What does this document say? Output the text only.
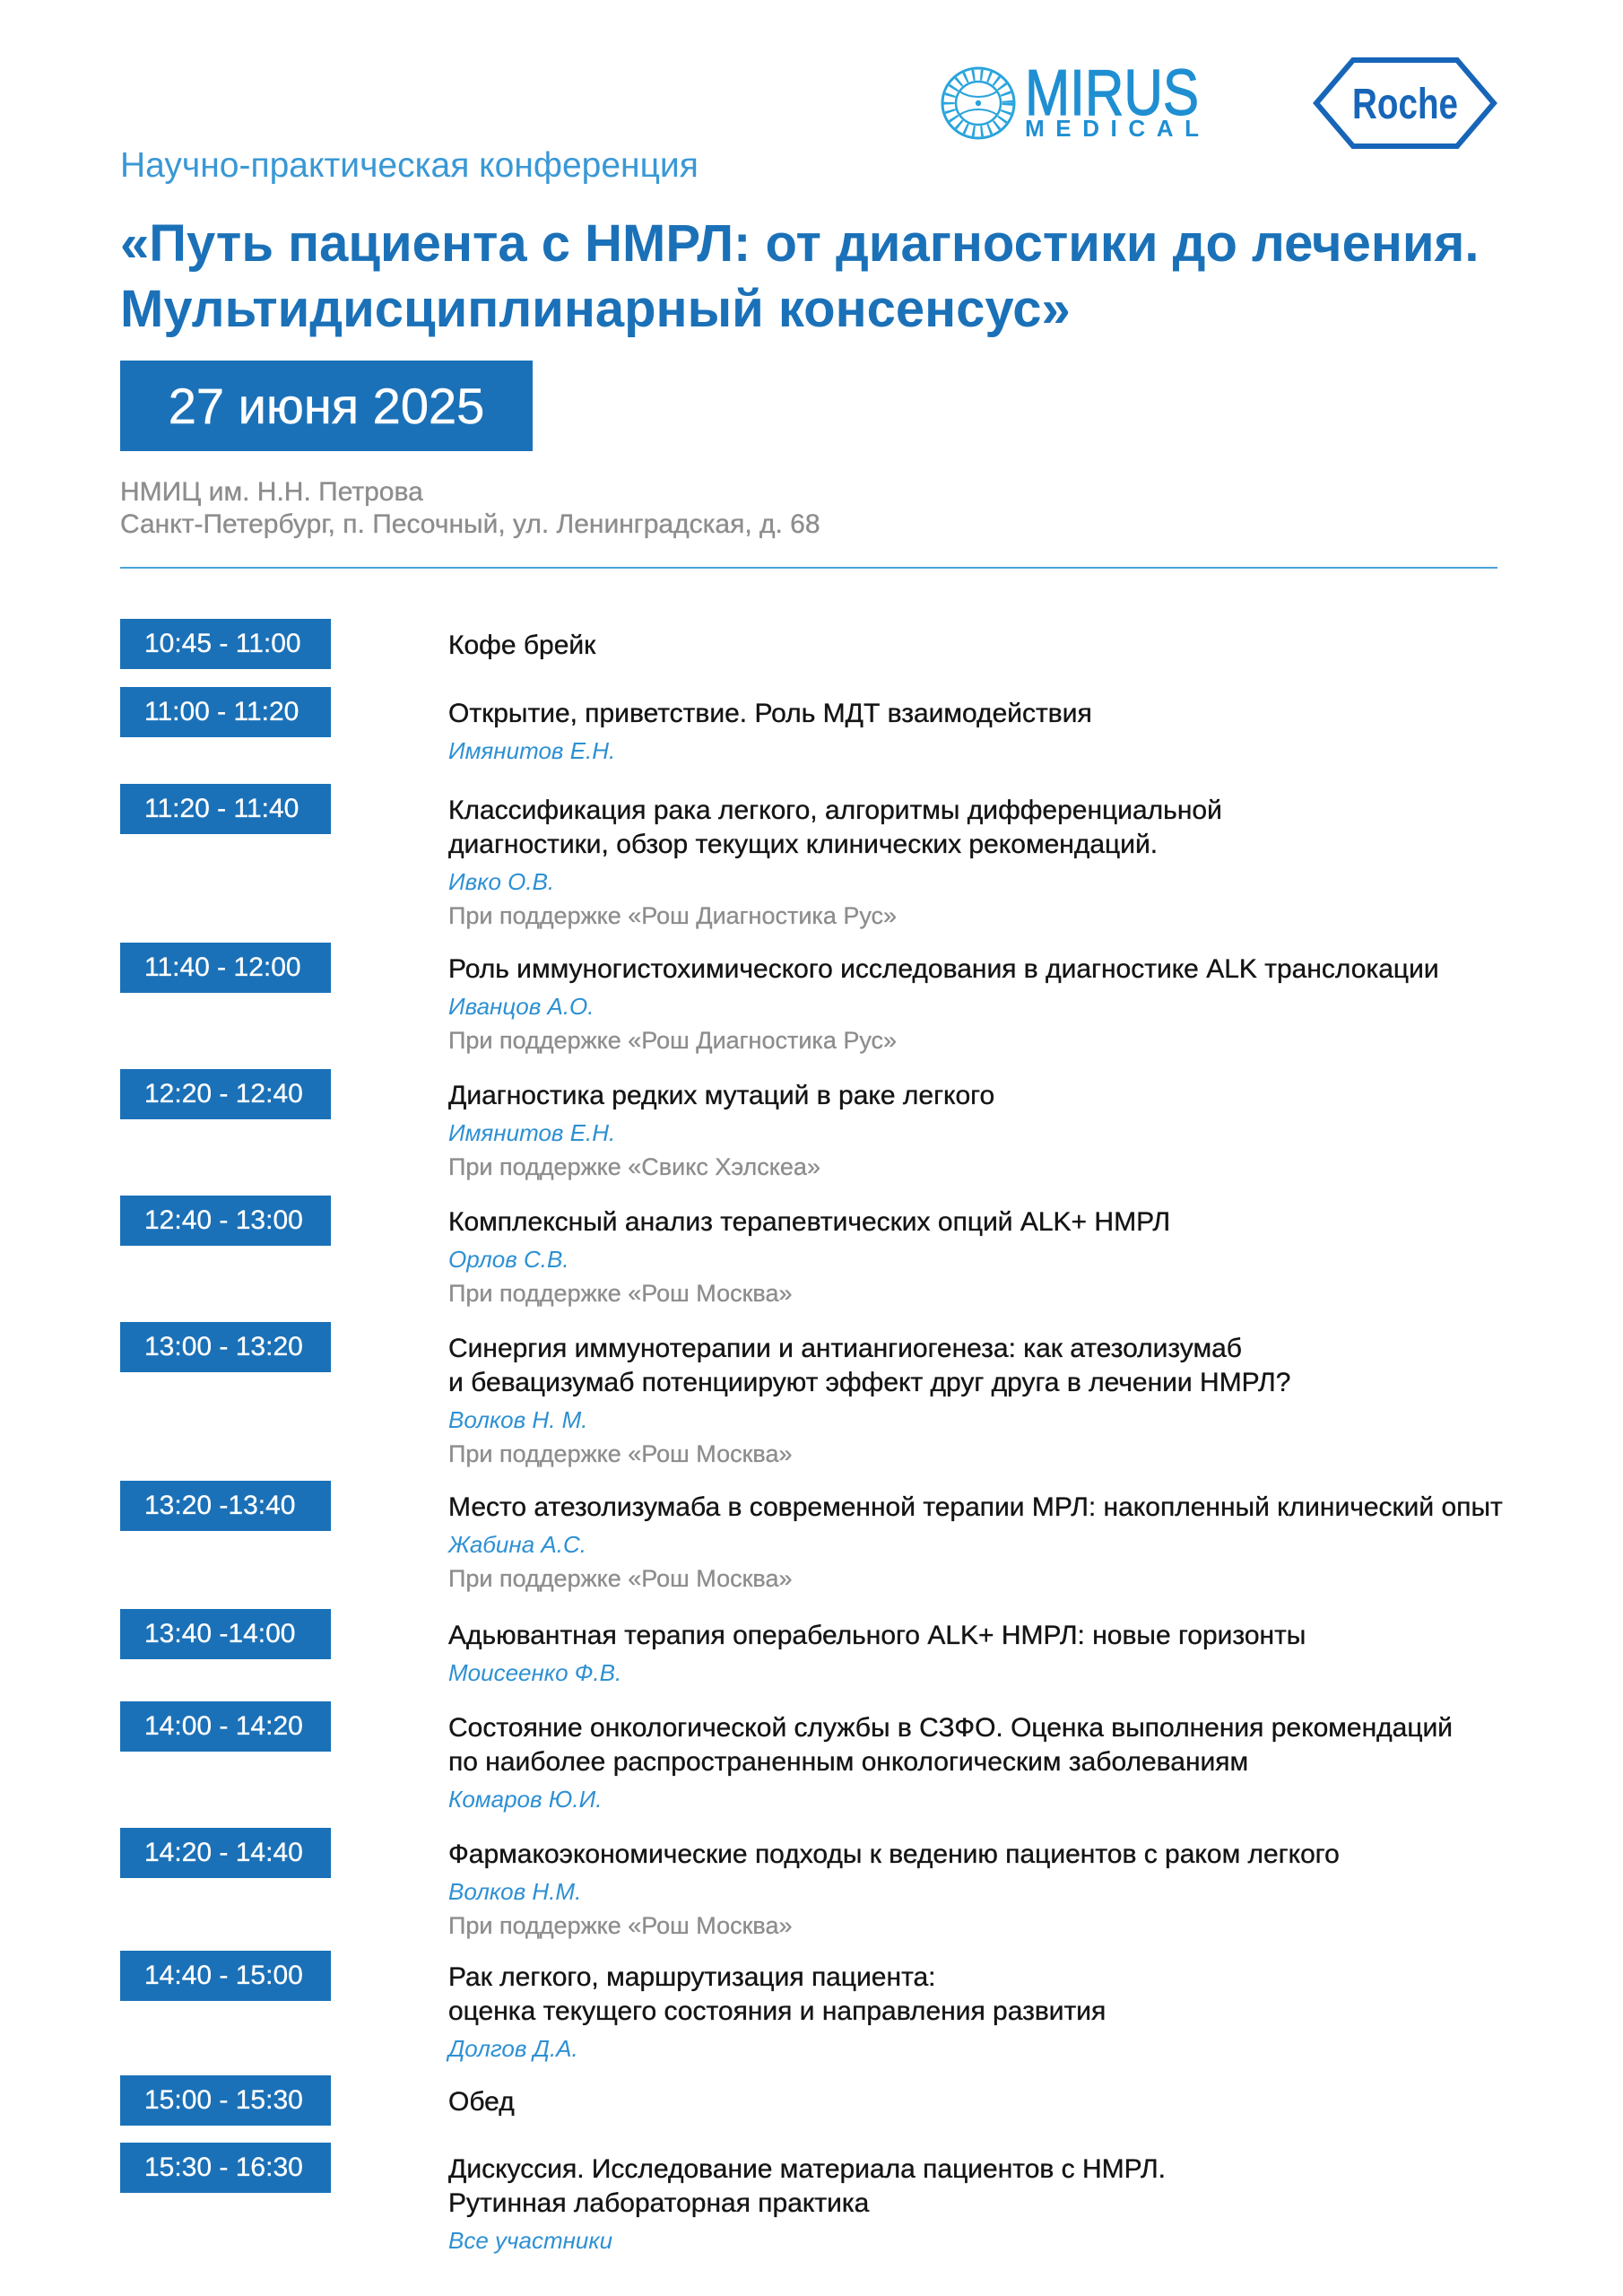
MIRUS
MEDICAL	Roche
Научно-практическая конференция
«Путь пациента с НМРЛ: от диагностики до лечения.
Мультидисциплинарный консенсус»
27 июня 2025
НМИЦ им. Н.Н. Петрова
Санкт-Петербург, п. Песочный, ул. Ленинградская, д. 68
10:45 - 11:00	Кофе брейк
11:00 - 11:20	Открытие, приветствие. Роль МДТ взаимодействия
Имянитов Е.Н.
11:20 - 11:40	Классификация рака легкого, алгоритмы дифференциальной
диагностики, обзор текущих клинических рекомендаций.
Ивко О.В.
При поддержке «Рош Диагностика Рус»
11:40 - 12:00	Роль иммуногистохимического исследования в диагностике ALK транслокации
Иванцов А.О.
При поддержке «Рош Диагностика Рус»
12:20 - 12:40	Диагностика редких мутаций в раке легкого
Имянитов Е.Н.
При поддержке «Свикс Хэлскеа»
12:40 - 13:00	Комплексный анализ терапевтических опций ALK+ НМРЛ
Орлов С.В.
При поддержке «Рош Москва»
13:00 - 13:20	Синергия иммунотерапии и антиангиогенеза: как атезолизумаб
и бевацизумаб потенциируют эффект друг друга в лечении НМРЛ?
Волков Н. М.
При поддержке «Рош Москва»
13:20 -13:40	Место атезолизумаба в современной терапии МРЛ: накопленный клинический опыт
Жабина А.С.
При поддержке «Рош Москва»
13:40 -14:00	Адьювантная терапия операбельного ALK+ НМРЛ: новые горизонты
Моисеенко Ф.В.
14:00 - 14:20	Состояние онкологической службы в СЗФО. Оценка выполнения рекомендаций
по наиболее распространенным онкологическим заболеваниям
Комаров Ю.И.
14:20 - 14:40	Фармакоэкономические подходы к ведению пациентов с раком легкого
Волков Н.М.
При поддержке «Рош Москва»
14:40 - 15:00	Рак легкого, маршрутизация пациента:
оценка текущего состояния и направления развития
Долгов Д.А.
15:00 - 15:30	Обед
15:30 - 16:30	Дискуссия. Исследование материала пациентов с НМРЛ.
Рутинная лабораторная практика
Все участники
